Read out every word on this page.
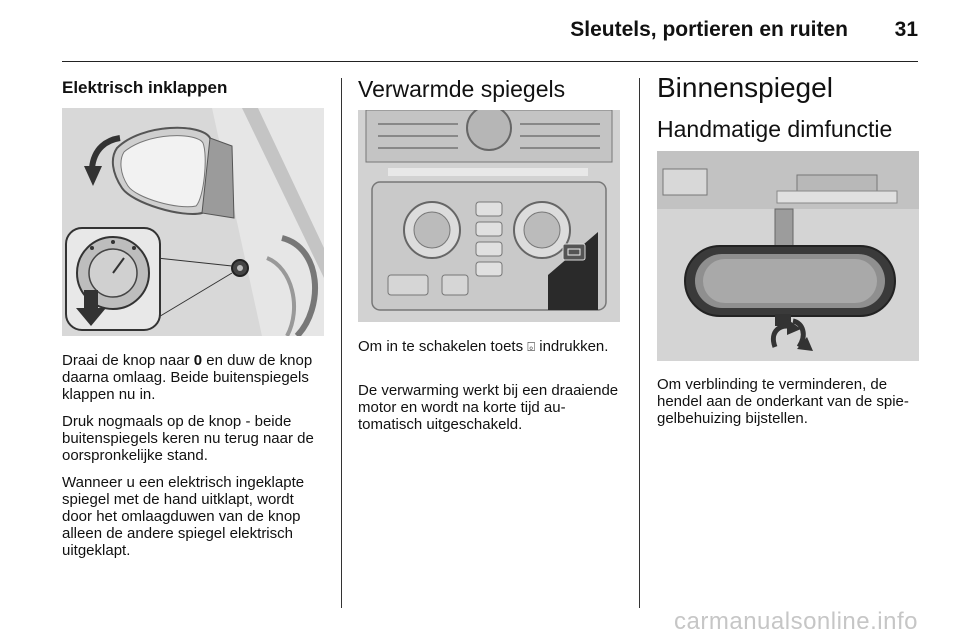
Sleutels, portieren en ruiten 31
Elektrisch inklappen

Draai de knop naar 0 en duw de knop daarna omlaag. Beide buitenspiegels klappen nu in.

Druk nogmaals op de knop - beide buitenspiegels keren nu terug naar de oorspronkelijke stand.

Wanneer u een elektrisch ingeklapte spiegel met de hand uitklapt, wordt door het omlaagduwen van de knop alleen de andere spiegel elektrisch uitgeklapt.

Verwarmde spiegels

Om in te schakelen toets ⌻ indrukken.

De verwarming werkt bij een draaiende motor en wordt na korte tijd automatisch uitgeschakeld.

Binnenspiegel
Handmatige dimfunctie

Om verblinding te verminderen, de hendel aan de onderkant van de spiegelbehuizing bijstellen.

carmanualsonline.info
